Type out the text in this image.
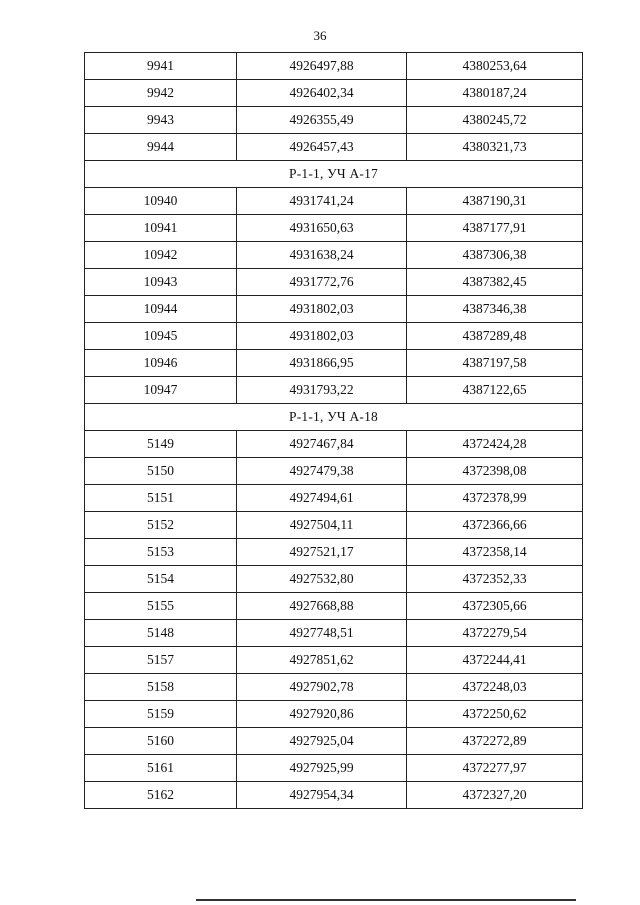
36
9941	4926497,88	4380253,64
9942	4926402,34	4380187,24
9943	4926355,49	4380245,72
9944	4926457,43	4380321,73
Р-1-1, УЧ А-17		
10940	4931741,24	4387190,31
10941	4931650,63	4387177,91
10942	4931638,24	4387306,38
10943	4931772,76	4387382,45
10944	4931802,03	4387346,38
10945	4931802,03	4387289,48
10946	4931866,95	4387197,58
10947	4931793,22	4387122,65
Р-1-1, УЧ А-18		
5149	4927467,84	4372424,28
5150	4927479,38	4372398,08
5151	4927494,61	4372378,99
5152	4927504,11	4372366,66
5153	4927521,17	4372358,14
5154	4927532,80	4372352,33
5155	4927668,88	4372305,66
5148	4927748,51	4372279,54
5157	4927851,62	4372244,41
5158	4927902,78	4372248,03
5159	4927920,86	4372250,62
5160	4927925,04	4372272,89
5161	4927925,99	4372277,97
5162	4927954,34	4372327,20
